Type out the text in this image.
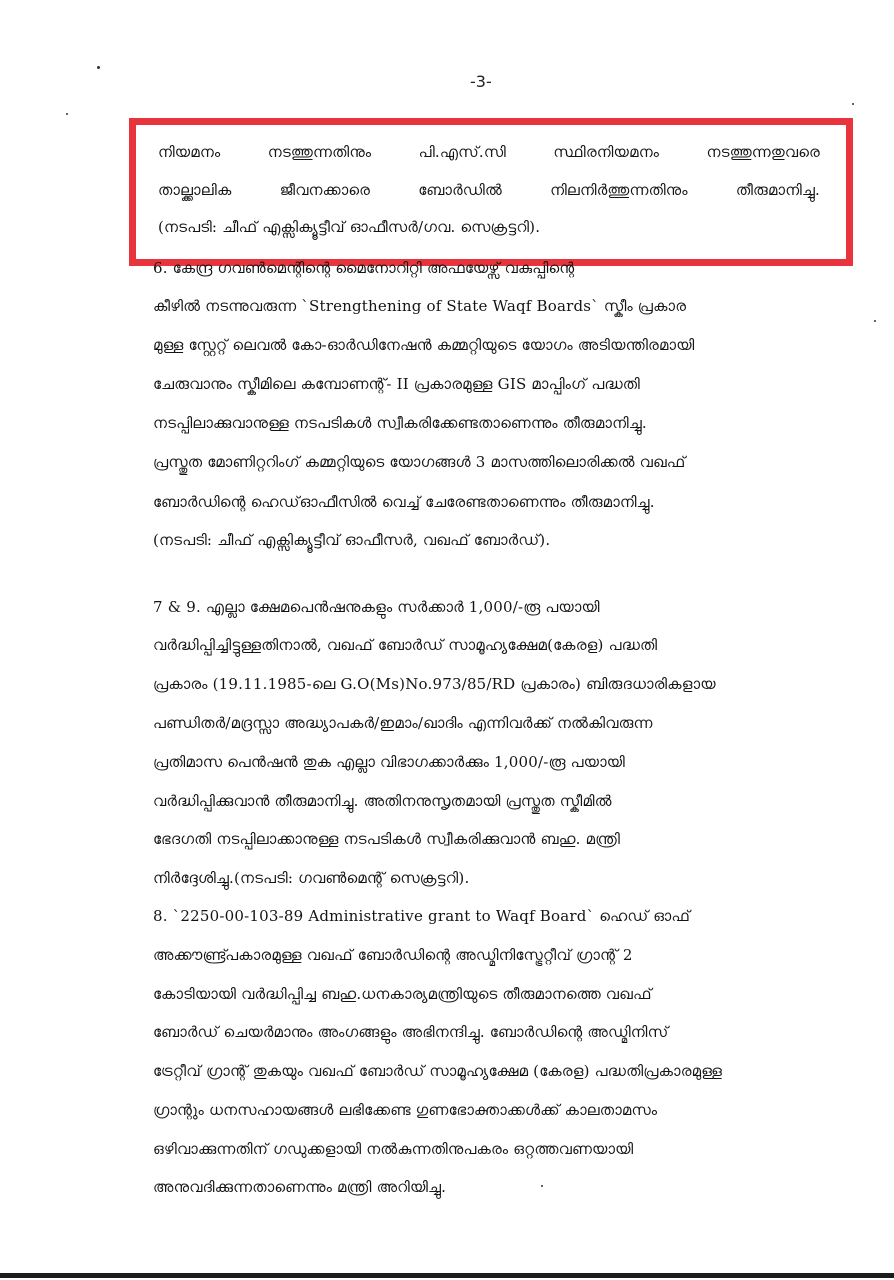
-3-
നിയമനം	നടത്തുന്നതിനും	പി.എസ്.സി	സ്ഥിരനിയമനം	നടത്തുന്നതുവരെ
താല്ക്കാലിക	ജീവനക്കാരെ	ബോർഡിൽ	നിലനിർത്തുന്നതിനും	തീരുമാനിച്ചു.
(നടപടി: ചീഫ് എക്സിക്യൂട്ടീവ് ഓഫീസർ/ഗവ. സെക്രട്ടറി).
6. കേന്ദ്ര ഗവൺമെന്റിന്റെ മൈനോറിറ്റി അഫയേഴ്സ് വകുപ്പിന്റെ
കീഴിൽ നടന്നുവരുന്ന `Strengthening of State Waqf Boards` സ്കീം പ്രകാര
മുള്ള സ്റ്റേറ്റ് ലെവൽ കോ-ഓർഡിനേഷൻ കമ്മറ്റിയുടെ യോഗം അടിയന്തിരമായി
ചേരുവാനും സ്കീമിലെ കമ്പോണന്റ്- II പ്രകാരമുള്ള GIS മാപ്പിംഗ് പദ്ധതി
നടപ്പിലാക്കുവാനുള്ള നടപടികൾ സ്വീകരിക്കേണ്ടതാണെന്നും തീരുമാനിച്ചു.
പ്രസ്തുത മോണിറ്ററിംഗ് കമ്മറ്റിയുടെ യോഗങ്ങൾ 3 മാസത്തിലൊരിക്കൽ വഖഫ്
ബോർഡിന്റെ ഹെഡ്ഓഫീസിൽ വെച്ച് ചേരേണ്ടതാണെന്നും തീരുമാനിച്ചു.
(നടപടി: ചീഫ് എക്സിക്യൂട്ടീവ് ഓഫീസർ, വഖഫ് ബോർഡ്).
7 & 9. എല്ലാ ക്ഷേമപെൻഷനുകളും സർക്കാർ 1,000/-രൂ പയായി
വർദ്ധിപ്പിച്ചിട്ടുള്ളതിനാൽ, വഖഫ് ബോർഡ് സാമൂഹ്യക്ഷേമ(കേരള) പദ്ധതി
പ്രകാരം (19.11.1985-ലെ G.O(Ms)No.973/85/RD പ്രകാരം) ബിരുദധാരികളായ
പണ്ഡിതർ/മദ്രസ്സാ അദ്ധ്യാപകർ/ഇമാം/ഖാദിം എന്നിവർക്ക് നൽകിവരുന്ന
പ്രതിമാസ പെൻഷൻ തുക എല്ലാ വിഭാഗക്കാർക്കും 1,000/-രൂ പയായി
വർദ്ധിപ്പിക്കുവാൻ തീരുമാനിച്ചു. അതിനനുസൃതമായി പ്രസ്തുത സ്കീമിൽ
ഭേദഗതി നടപ്പിലാക്കാനുള്ള നടപടികൾ സ്വീകരിക്കുവാൻ ബഹു. മന്ത്രി
നിർദ്ദേശിച്ചു.(നടപടി: ഗവൺമെന്റ് സെക്രട്ടറി).
8. `2250-00-103-89 Administrative grant to Waqf Board` ഹെഡ് ഓഫ്
അക്കൗണ്ട്പ്രകാരമുള്ള വഖഫ് ബോർഡിന്റെ അഡ്മിനിസ്ട്രേറ്റീവ് ഗ്രാന്റ് 2
കോടിയായി വർദ്ധിപ്പിച്ച ബഹു.ധനകാര്യമന്ത്രിയുടെ തീരുമാനത്തെ വഖഫ്
ബോർഡ് ചെയർമാനും അംഗങ്ങളും അഭിനന്ദിച്ചു. ബോർഡിന്റെ അഡ്മിനിസ്
ട്രേറ്റീവ് ഗ്രാന്റ് തുകയും വഖഫ് ബോർഡ് സാമൂഹ്യക്ഷേമ (കേരള) പദ്ധതിപ്രകാരമുള്ള
ഗ്രാന്റും ധനസഹായങ്ങൾ ലഭിക്കേണ്ട ഗുണഭോക്താക്കൾക്ക് കാലതാമസം
ഒഴിവാക്കുന്നതിന് ഗഡുക്കളായി നൽകുന്നതിനുപകരം ഒറ്റത്തവണയായി
അനുവദിക്കുന്നതാണെന്നും മന്ത്രി അറിയിച്ചു.
